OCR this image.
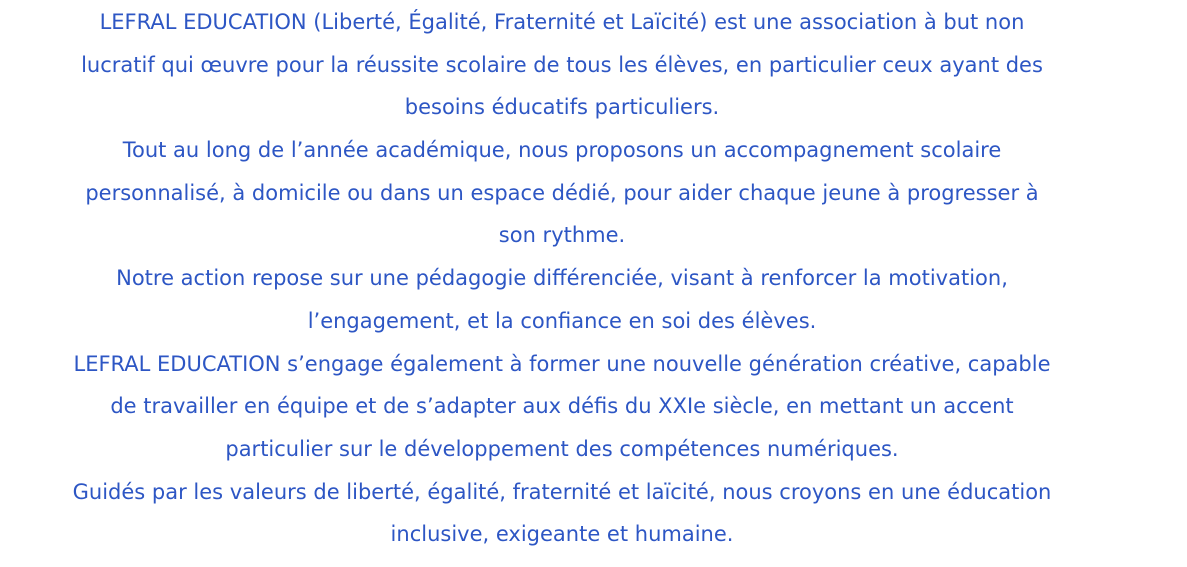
LEFRAL EDUCATION (Liberté, Égalité, Fraternité et Laïcité) est une association à but non
lucratif qui œuvre pour la réussite scolaire de tous les élèves, en particulier ceux ayant des
besoins éducatifs particuliers.

Tout au long de l’année académique, nous proposons un accompagnement scolaire
personnalisé, à domicile ou dans un espace dédié, pour aider chaque jeune à progresser à
son rythme.

Notre action repose sur une pédagogie différenciée, visant à renforcer la motivation,
l’engagement, et la confiance en soi des élèves.

LEFRAL EDUCATION s’engage également à former une nouvelle génération créative, capable
de travailler en équipe et de s’adapter aux défis du XXIe siècle, en mettant un accent
particulier sur le développement des compétences numériques.

Guidés par les valeurs de liberté, égalité, fraternité et laïcité, nous croyons en une éducation
inclusive, exigeante et humaine.
